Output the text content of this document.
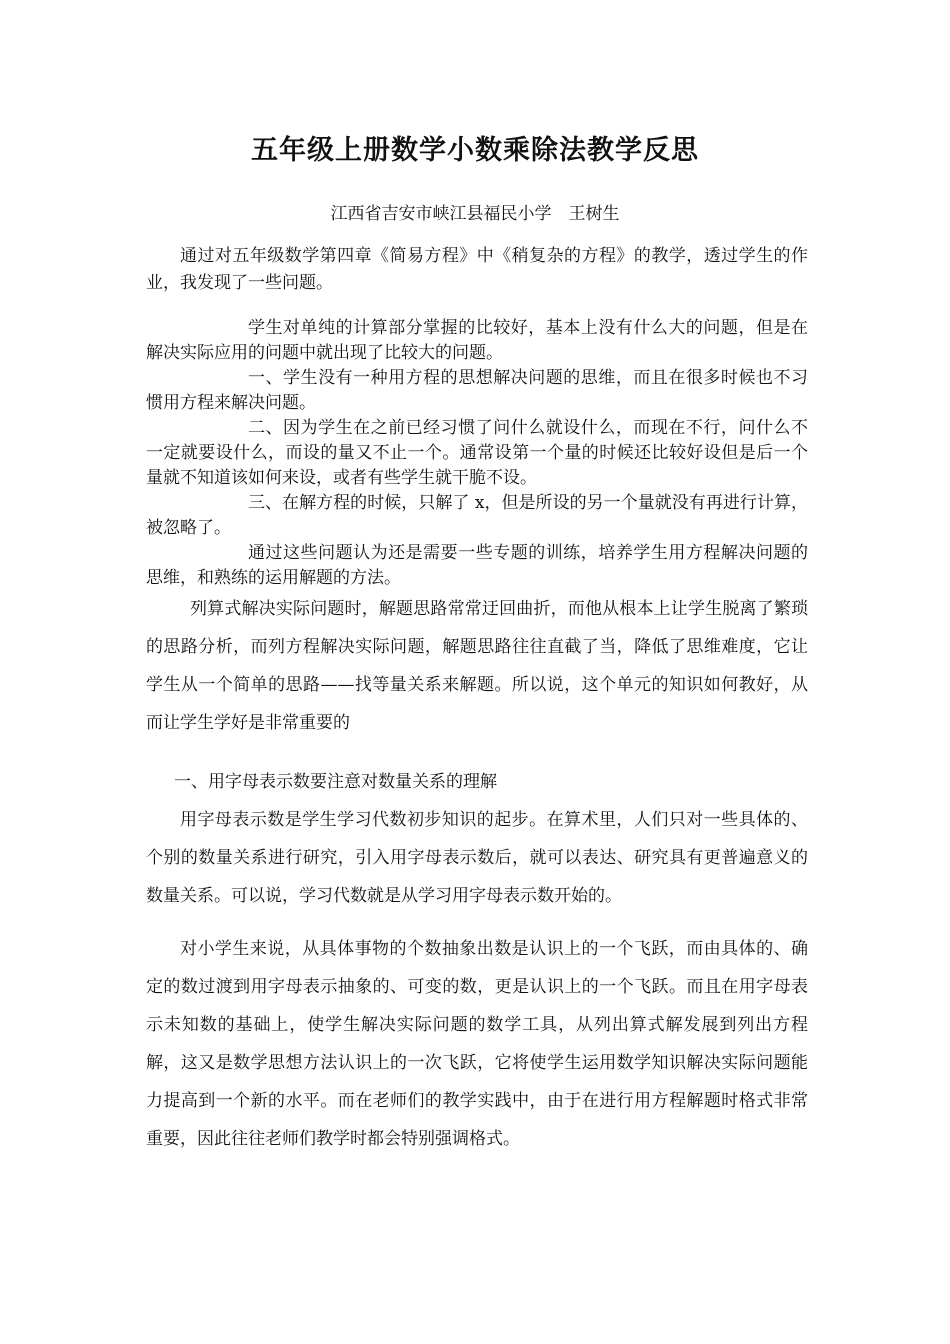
五年级上册数学小数乘除法教学反思
江西省吉安市峡江县福民小学　王树生

通过对五年级数学第四章《简易方程》中《稍复杂的方程》的教学，透过学生的作业，我发现了一些问题。

学生对单纯的计算部分掌握的比较好，基本上没有什么大的问题，但是在解决实际应用的问题中就出现了比较大的问题。

一、学生没有一种用方程的思想解决问题的思维，而且在很多时候也不习惯用方程来解决问题。

二、因为学生在之前已经习惯了问什么就设什么，而现在不行，问什么不一定就要设什么，而设的量又不止一个。通常设第一个量的时候还比较好设但是后一个量就不知道该如何来设，或者有些学生就干脆不设。

三、在解方程的时候，只解了 x，但是所设的另一个量就没有再进行计算，被忽略了。

通过这些问题认为还是需要一些专题的训练，培养学生用方程解决问题的思维，和熟练的运用解题的方法。

列算式解决实际问题时，解题思路常常迂回曲折，而他从根本上让学生脱离了繁琐的思路分析，而列方程解决实际问题，解题思路往往直截了当，降低了思维难度，它让学生从一个简单的思路——找等量关系来解题。所以说，这个单元的知识如何教好，从而让学生学好是非常重要的

一、用字母表示数要注意对数量关系的理解

用字母表示数是学生学习代数初步知识的起步。在算术里，人们只对一些具体的、个别的数量关系进行研究，引入用字母表示数后，就可以表达、研究具有更普遍意义的数量关系。可以说，学习代数就是从学习用字母表示数开始的。

对小学生来说，从具体事物的个数抽象出数是认识上的一个飞跃，而由具体的、确定的数过渡到用字母表示抽象的、可变的数，更是认识上的一个飞跃。而且在用字母表示未知数的基础上，使学生解决实际问题的数学工具，从列出算式解发展到列出方程解，这又是数学思想方法认识上的一次飞跃，它将使学生运用数学知识解决实际问题能力提高到一个新的水平。而在老师们的教学实践中，由于在进行用方程解题时格式非常重要，因此往往老师们教学时都会特别强调格式。
